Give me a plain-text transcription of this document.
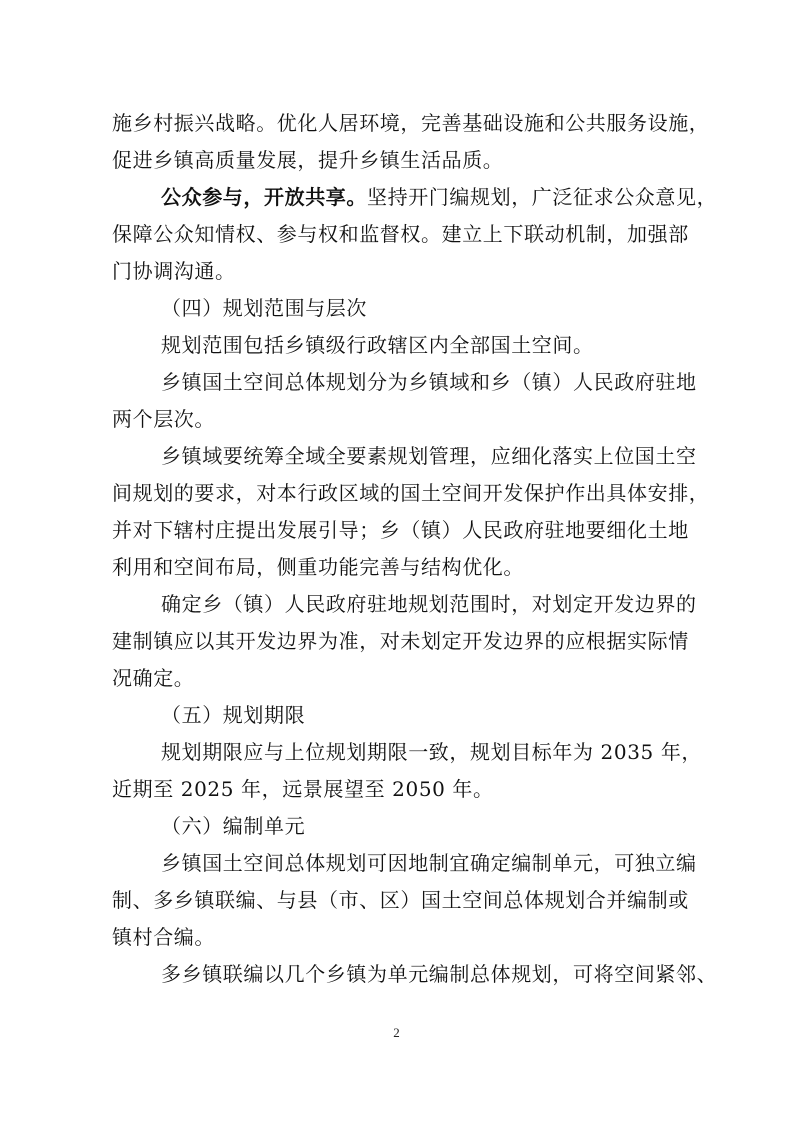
施乡村振兴战略。优化人居环境，完善基础设施和公共服务设施，
促进乡镇高质量发展，提升乡镇生活品质。
公众参与，开放共享。坚持开门编规划，广泛征求公众意见，
保障公众知情权、参与权和监督权。建立上下联动机制，加强部
门协调沟通。
（四）规划范围与层次
规划范围包括乡镇级行政辖区内全部国土空间。
乡镇国土空间总体规划分为乡镇域和乡（镇）人民政府驻地
两个层次。
乡镇域要统筹全域全要素规划管理，应细化落实上位国土空
间规划的要求，对本行政区域的国土空间开发保护作出具体安排，
并对下辖村庄提出发展引导；乡（镇）人民政府驻地要细化土地
利用和空间布局，侧重功能完善与结构优化。
确定乡（镇）人民政府驻地规划范围时，对划定开发边界的
建制镇应以其开发边界为准，对未划定开发边界的应根据实际情
况确定。
（五）规划期限
规划期限应与上位规划期限一致，规划目标年为 2035 年，
近期至 2025 年，远景展望至 2050 年。
（六）编制单元
乡镇国土空间总体规划可因地制宜确定编制单元，可独立编
制、多乡镇联编、与县（市、区）国土空间总体规划合并编制或
镇村合编。
多乡镇联编以几个乡镇为单元编制总体规划，可将空间紧邻、
2
